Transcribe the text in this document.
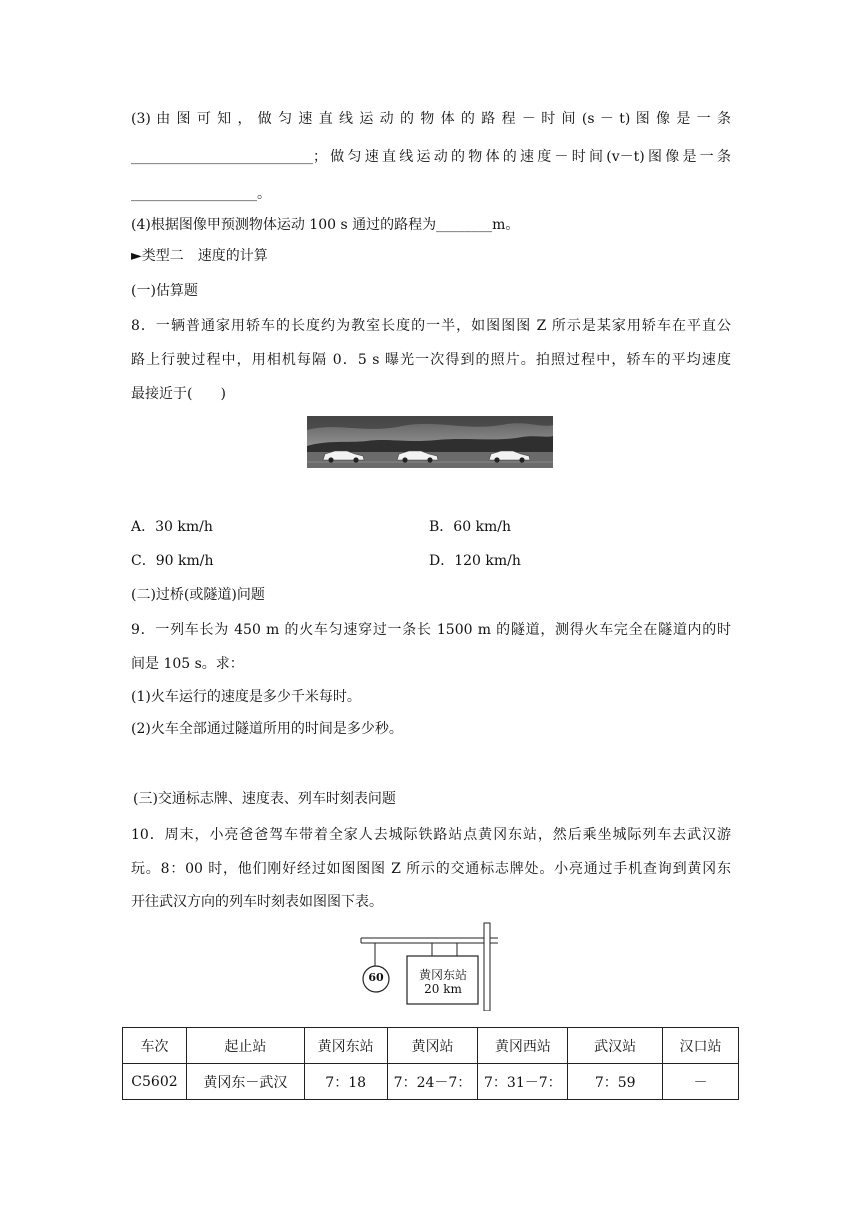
(3) 由 图 可 知 ， 做 匀 速 直 线 运 动 的 物 体 的 路 程 － 时 间 (s － t) 图 像 是 一 条
__________________________；做匀速直线运动的物体的速度－时间(v－t)图像是一条
__________________。
(4)根据图像甲预测物体运动 100 s 通过的路程为________m。
►类型二　速度的计算
(一)估算题
8．一辆普通家用轿车的长度约为教室长度的一半，如图图图 Z 所示是某家用轿车在平直公
路上行驶过程中，用相机每隔 0．5 s 曝光一次得到的照片。拍照过程中，轿车的平均速度
最接近于(　　)
A．30 km/h	B．60 km/h
C．90 km/h	D．120 km/h
(二)过桥(或隧道)问题
9．一列车长为 450 m 的火车匀速穿过一条长 1500 m 的隧道，测得火车完全在隧道内的时
间是 105 s。求：
(1)火车运行的速度是多少千米每时。
(2)火车全部通过隧道所用的时间是多少秒。
(三)交通标志牌、速度表、列车时刻表问题
10．周末，小亮爸爸驾车带着全家人去城际铁路站点黄冈东站，然后乘坐城际列车去武汉游
玩。8：00 时，他们刚好经过如图图图 Z 所示的交通标志牌处。小亮通过手机查询到黄冈东
开往武汉方向的列车时刻表如图图下表。
60	黄冈东站
20 km
车次	起止站	黄冈东站	黄冈站	黄冈西站	武汉站	汉口站
C5602	黄冈东－武汉	7：18	7：24－7：	7：31－7：	7：59	－
